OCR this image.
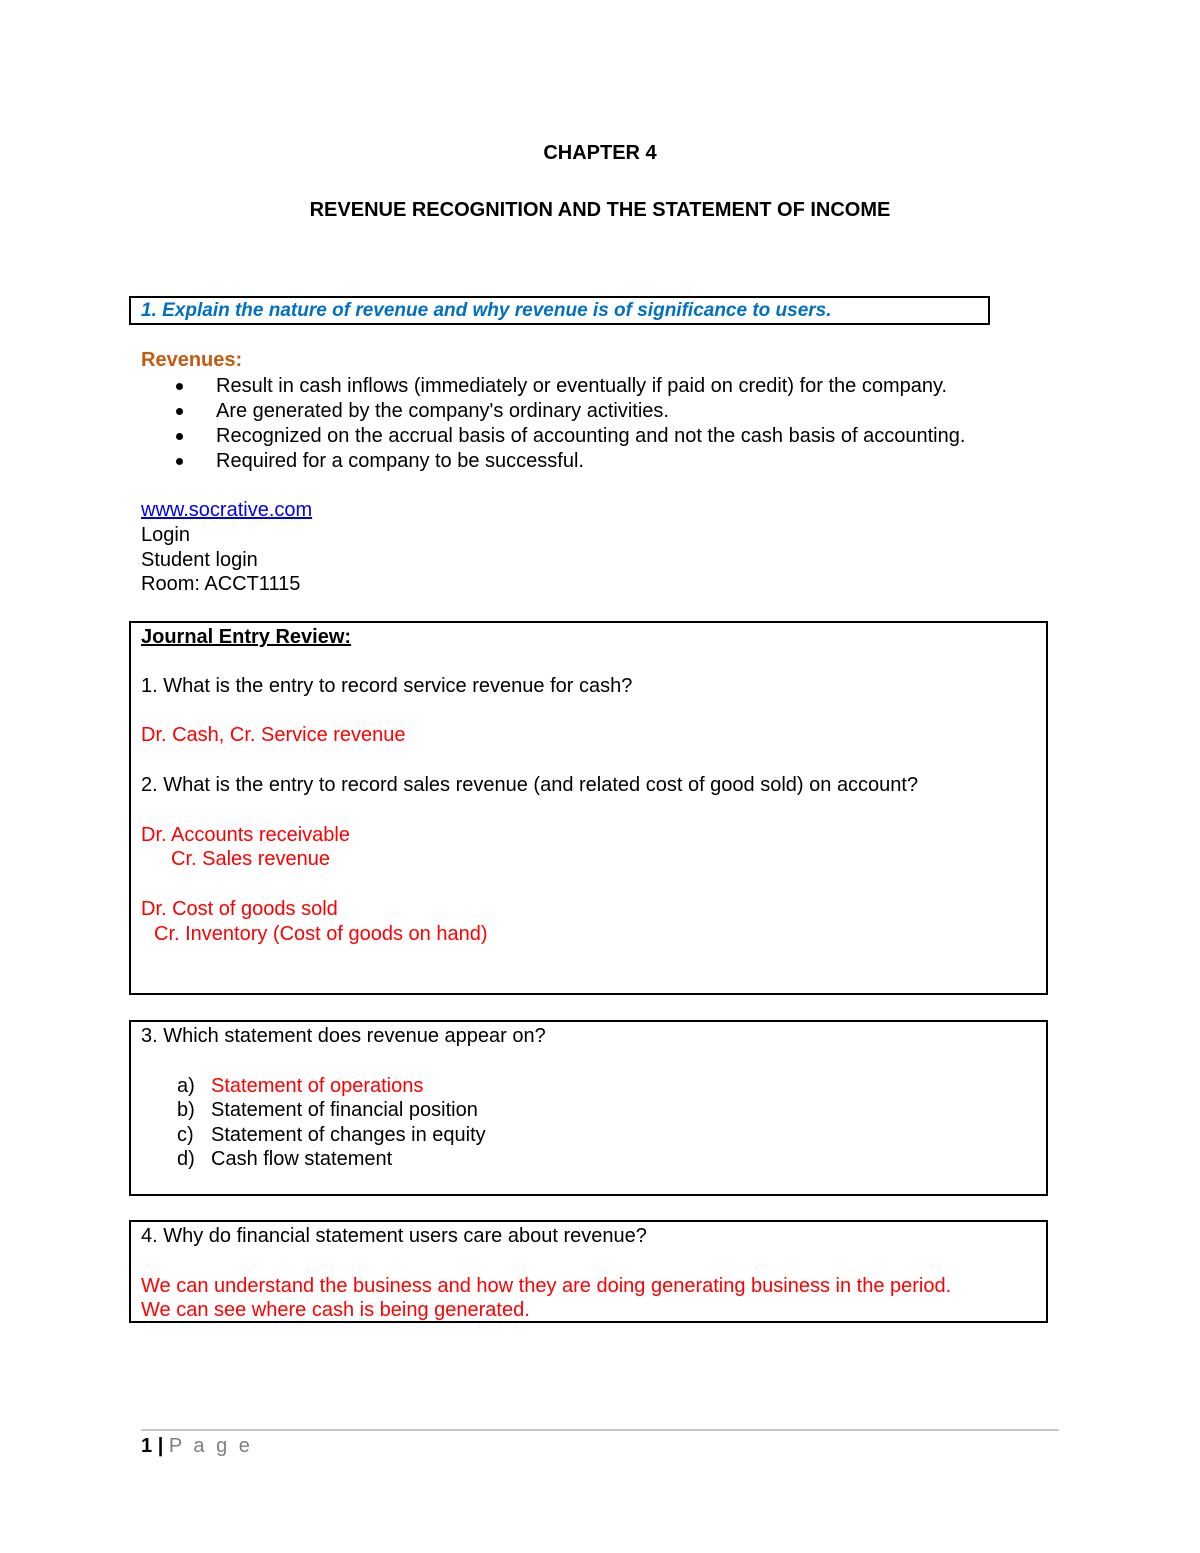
CHAPTER 4
REVENUE RECOGNITION AND THE STATEMENT OF INCOME
1. Explain the nature of revenue and why revenue is of significance to users.
Revenues:
Result in cash inflows (immediately or eventually if paid on credit) for the company.
Are generated by the company's ordinary activities.
Recognized on the accrual basis of accounting and not the cash basis of accounting.
Required for a company to be successful.
www.socrative.com
Login
Student login
Room: ACCT1115
Journal Entry Review:
1. What is the entry to record service revenue for cash?
Dr. Cash, Cr. Service revenue
2. What is the entry to record sales revenue (and related cost of good sold) on account?
Dr. Accounts receivable
Cr. Sales revenue
Dr. Cost of goods sold
Cr. Inventory (Cost of goods on hand)
3. Which statement does revenue appear on?
a) Statement of operations
b) Statement of financial position
c) Statement of changes in equity
d) Cash flow statement
4. Why do financial statement users care about revenue?
We can understand the business and how they are doing generating business in the period.
We can see where cash is being generated.
1 | P a g e
